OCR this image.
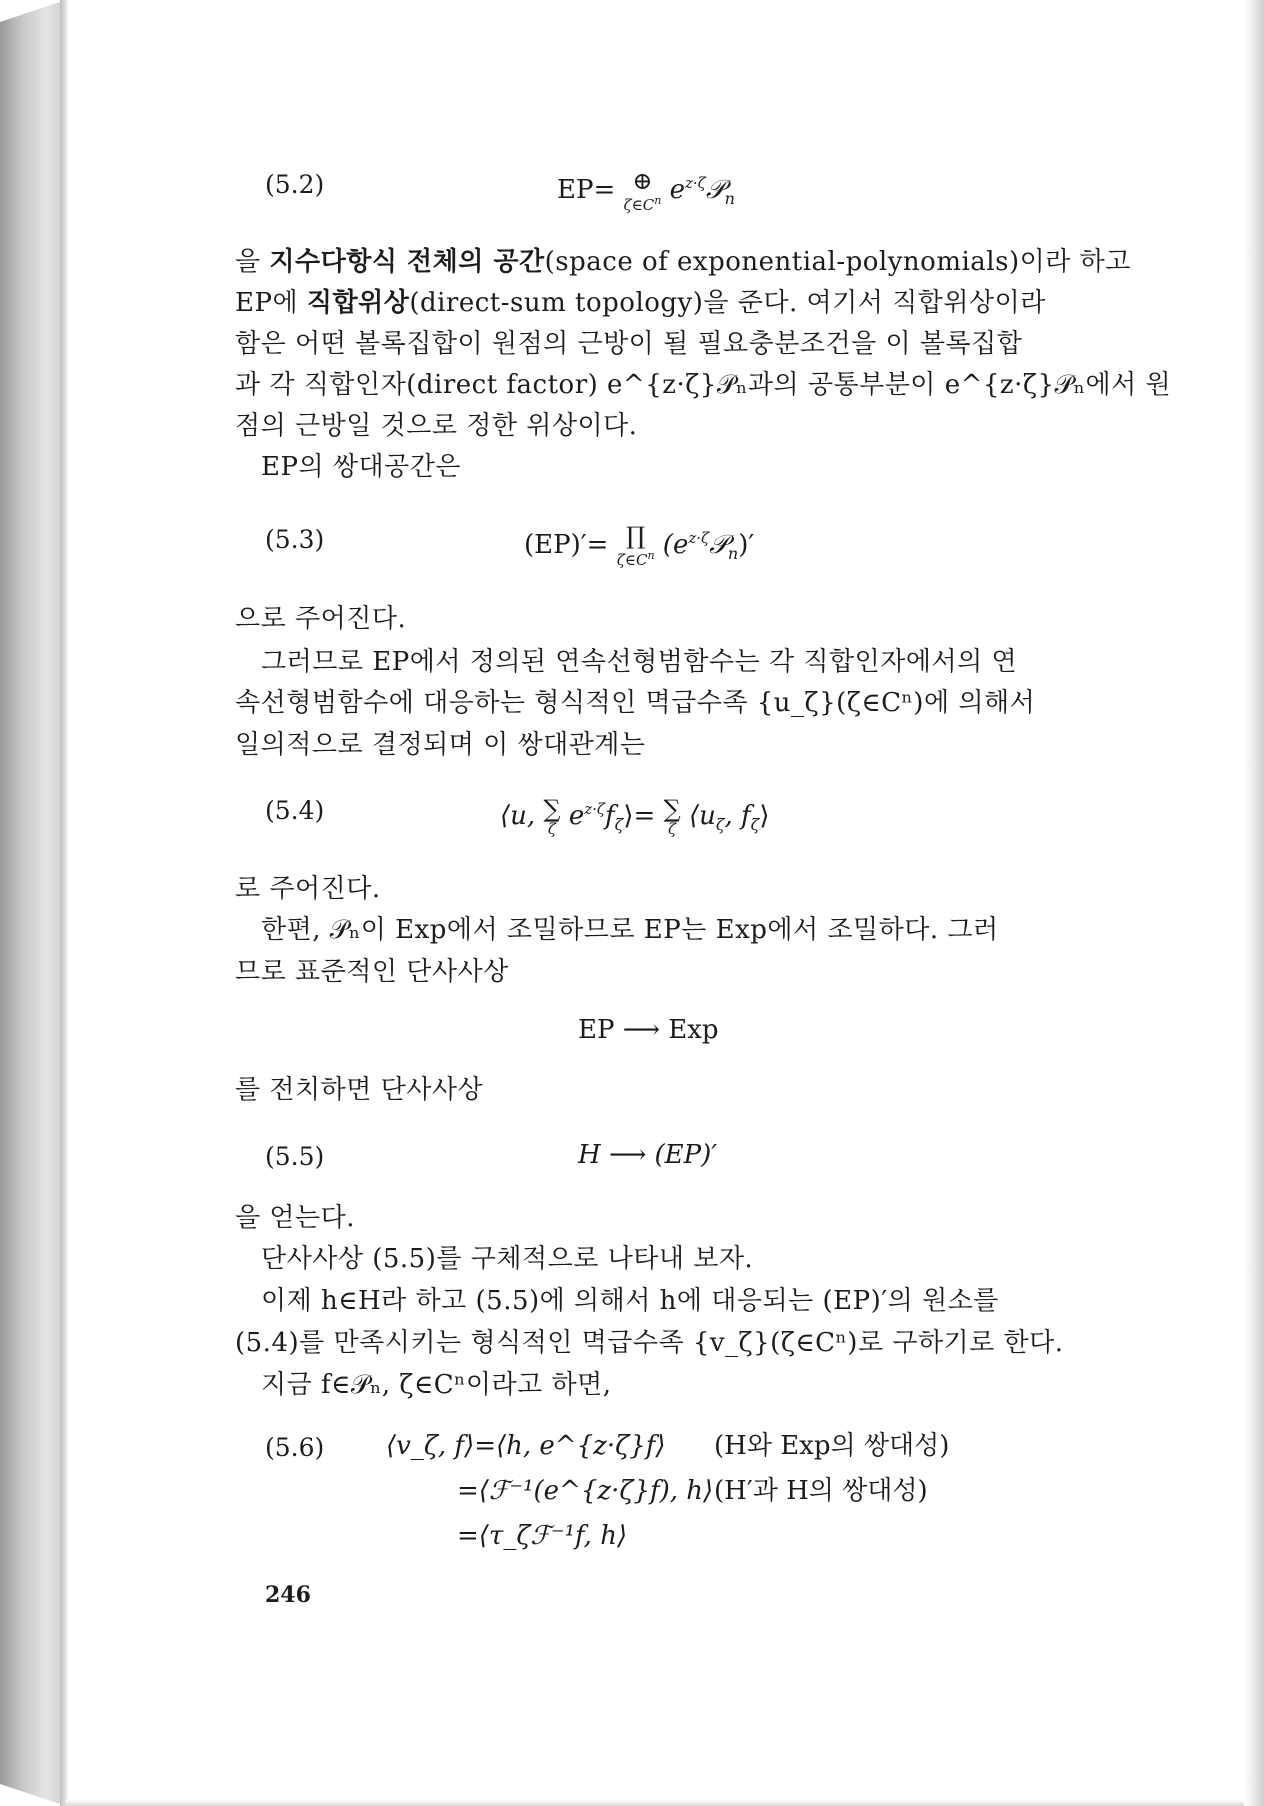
(5.2)	EP= ⊕
$\zeta\in C^n$ $e^{z\cdot\zeta}𝒫_n$
을 지수다항식 전체의 공간(space of exponential-polynomials)이라 하고
EP에 직합위상(direct-sum topology)을 준다. 여기서 직합위상이라
함은 어떤 볼록집합이 원점의 근방이 될 필요충분조건을 이 볼록집합
과 각 직합인자(direct factor) e^{z·ζ}𝒫ₙ과의 공통부분이 e^{z·ζ}𝒫ₙ에서 원
점의 근방일 것으로 정한 위상이다.
EP의 쌍대공간은
(5.3)	(EP)′= ∏
$\zeta\in C^n$ $(e^{z\cdot\zeta}𝒫_n)'$
으로 주어진다.
그러므로 EP에서 정의된 연속선형범함수는 각 직합인자에서의 연
속선형범함수에 대응하는 형식적인 멱급수족 {u_ζ}(ζ∈Cⁿ)에 의해서
일의적으로 결정되며 이 쌍대관계는
(5.4)	⟨u, ∑
ζ $e^{z\cdot\zeta}f_\zeta⟩=$ ∑
ζ $⟨u_\zeta$, $f_\zeta⟩$
로 주어진다.
한편, 𝒫ₙ이 Exp에서 조밀하므로 EP는 Exp에서 조밀하다. 그러
므로 표준적인 단사사상
EP ⟶ Exp
를 전치하면 단사사상
(5.5)	H ⟶ (EP)′
을 얻는다.
단사사상 (5.5)를 구체적으로 나타내 보자.
이제 h∈H라 하고 (5.5)에 의해서 h에 대응되는 (EP)′의 원소를
(5.4)를 만족시키는 형식적인 멱급수족 {v_ζ}(ζ∈Cⁿ)로 구하기로 한다.
지금 f∈𝒫ₙ, ζ∈Cⁿ이라고 하면,
(5.6) ⟨v_ζ, f⟩=⟨h, e^{z·ζ}f⟩ (H와 Exp의 쌍대성)
=⟨ℱ⁻¹(e^{z·ζ}f), h⟩ (H′과 H의 쌍대성)
=⟨τ_ζℱ⁻¹f, h⟩
246
